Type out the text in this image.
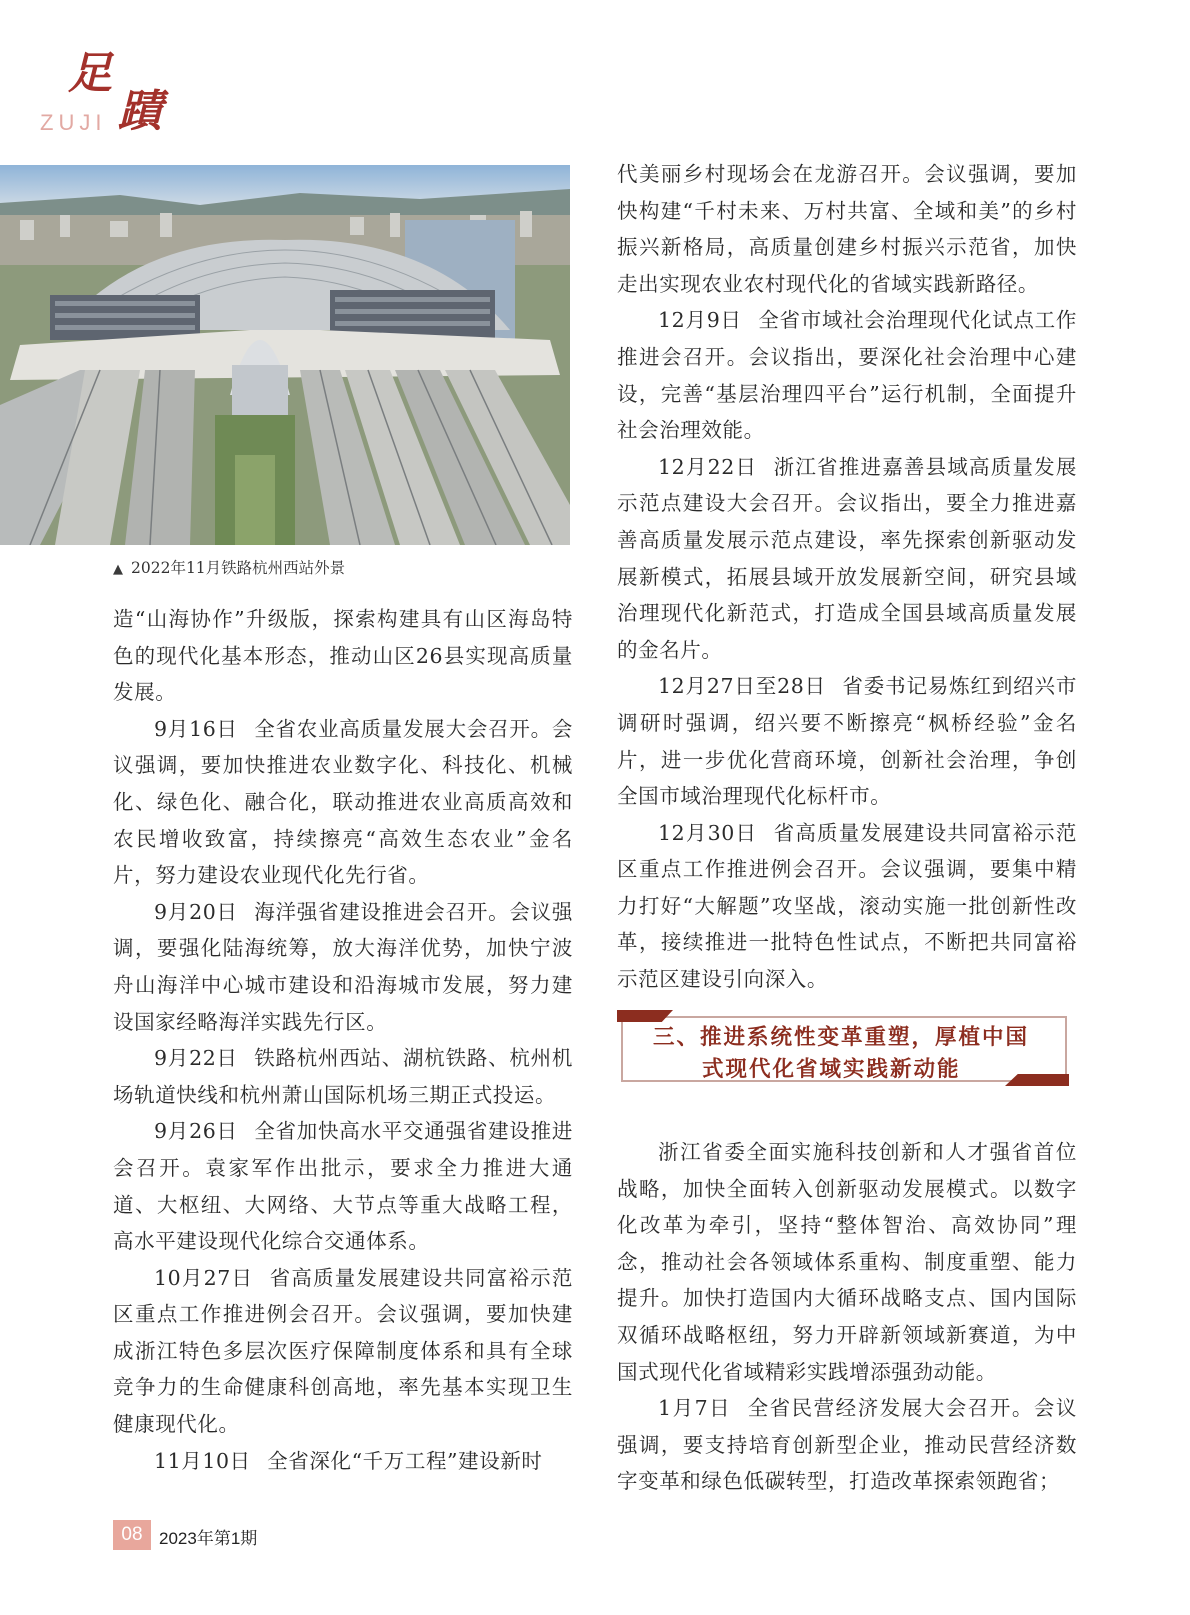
足
蹟
ZUJI
▲ 2022年11月铁路杭州西站外景

造“山海协作”升级版，探索构建具有山区海岛特色的现代化基本形态，推动山区26县实现高质量发展。

9月16日 全省农业高质量发展大会召开。会议强调，要加快推进农业数字化、科技化、机械化、绿色化、融合化，联动推进农业高质高效和农民增收致富，持续擦亮“高效生态农业”金名片，努力建设农业现代化先行省。

9月20日 海洋强省建设推进会召开。会议强调，要强化陆海统筹，放大海洋优势，加快宁波舟山海洋中心城市建设和沿海城市发展，努力建设国家经略海洋实践先行区。

9月22日 铁路杭州西站、湖杭铁路、杭州机场轨道快线和杭州萧山国际机场三期正式投运。

9月26日 全省加快高水平交通强省建设推进会召开。袁家军作出批示，要求全力推进大通道、大枢纽、大网络、大节点等重大战略工程，高水平建设现代化综合交通体系。

10月27日 省高质量发展建设共同富裕示范区重点工作推进例会召开。会议强调，要加快建成浙江特色多层次医疗保障制度体系和具有全球竞争力的生命健康科创高地，率先基本实现卫生健康现代化。

11月10日 全省深化“千万工程”建设新时

代美丽乡村现场会在龙游召开。会议强调，要加快构建“千村未来、万村共富、全域和美”的乡村振兴新格局，高质量创建乡村振兴示范省，加快走出实现农业农村现代化的省域实践新路径。

12月9日 全省市域社会治理现代化试点工作推进会召开。会议指出，要深化社会治理中心建设，完善“基层治理四平台”运行机制，全面提升社会治理效能。

12月22日 浙江省推进嘉善县域高质量发展示范点建设大会召开。会议指出，要全力推进嘉善高质量发展示范点建设，率先探索创新驱动发展新模式，拓展县域开放发展新空间，研究县域治理现代化新范式，打造成全国县域高质量发展的金名片。

12月27日至28日 省委书记易炼红到绍兴市调研时强调，绍兴要不断擦亮“枫桥经验”金名片，进一步优化营商环境，创新社会治理，争创全国市域治理现代化标杆市。

12月30日 省高质量发展建设共同富裕示范区重点工作推进例会召开。会议强调，要集中精力打好“大解题”攻坚战，滚动实施一批创新性改革，接续推进一批特色性试点，不断把共同富裕示范区建设引向深入。

三、推进系统性变革重塑，厚植中国
式现代化省域实践新动能

浙江省委全面实施科技创新和人才强省首位战略，加快全面转入创新驱动发展模式。以数字化改革为牵引，坚持“整体智治、高效协同”理念，推动社会各领域体系重构、制度重塑、能力提升。加快打造国内大循环战略支点、国内国际双循环战略枢纽，努力开辟新领域新赛道，为中国式现代化省域精彩实践增添强劲动能。

1月7日 全省民营经济发展大会召开。会议强调，要支持培育创新型企业，推动民营经济数字变革和绿色低碳转型，打造改革探索领跑省；

08 2023年第1期
